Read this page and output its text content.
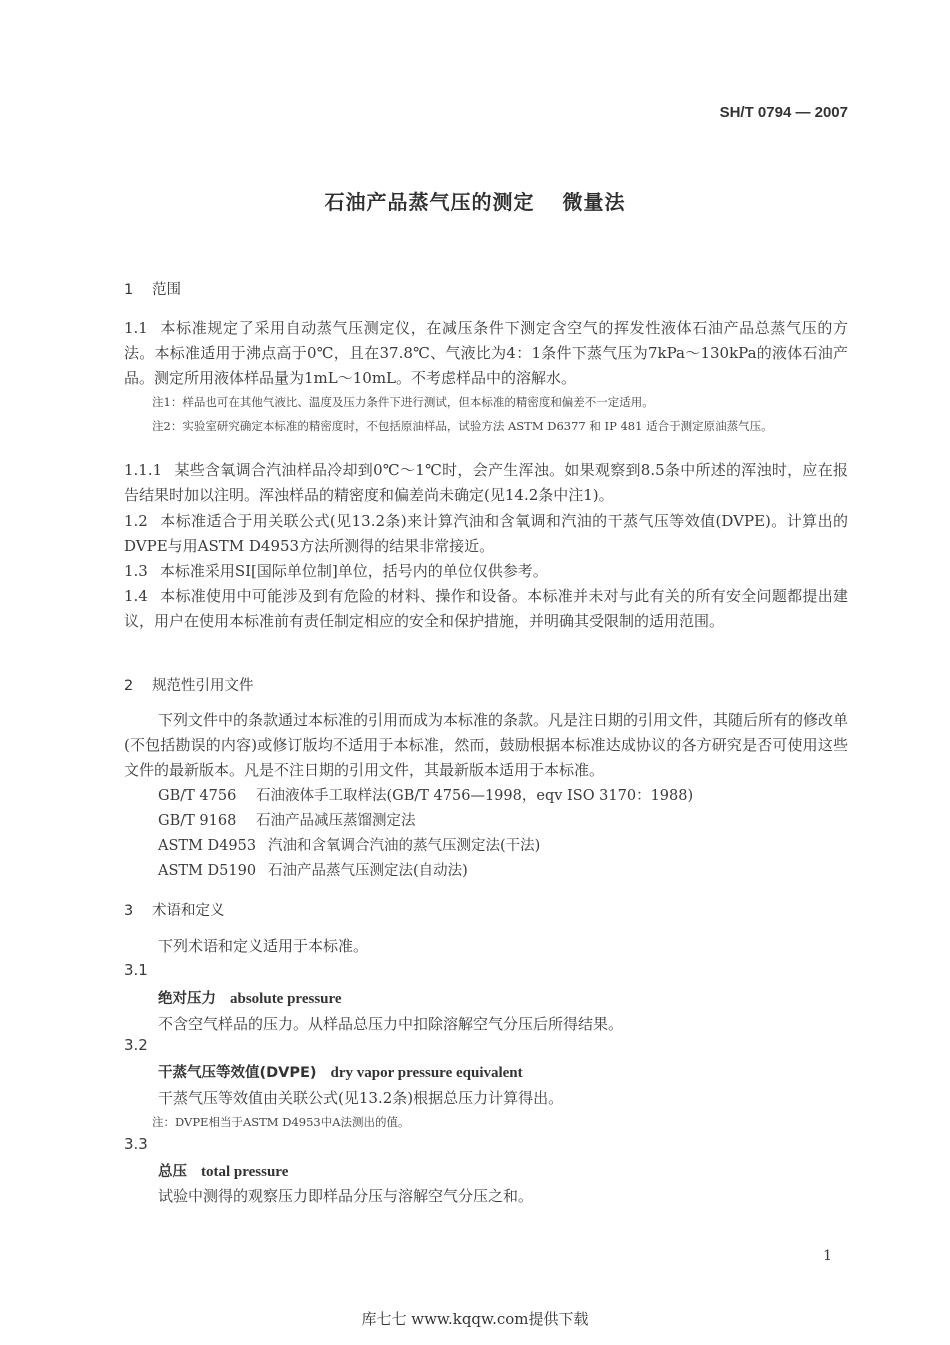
SH/T 0794 — 2007
石油产品蒸气压的测定 微量法
1 范围
1.1 本标准规定了采用自动蒸气压测定仪，在减压条件下测定含空气的挥发性液体石油产品总蒸气压的方法。本标准适用于沸点高于0℃，且在37.8℃、气液比为4：1条件下蒸气压为7kPa～130kPa的液体石油产品。测定所用液体样品量为1mL～10mL。不考虑样品中的溶解水。
注1：样品也可在其他气液比、温度及压力条件下进行测试，但本标准的精密度和偏差不一定适用。
注2：实验室研究确定本标准的精密度时，不包括原油样品，试验方法 ASTM D6377 和 IP 481 适合于测定原油蒸气压。
1.1.1 某些含氧调合汽油样品冷却到0℃～1℃时，会产生浑浊。如果观察到8.5条中所述的浑浊时，应在报告结果时加以注明。浑浊样品的精密度和偏差尚未确定(见14.2条中注1)。
1.2 本标准适合于用关联公式(见13.2条)来计算汽油和含氧调和汽油的干蒸气压等效值(DVPE)。计算出的DVPE与用ASTM D4953方法所测得的结果非常接近。
1.3 本标准采用SI[国际单位制]单位，括号内的单位仅供参考。
1.4 本标准使用中可能涉及到有危险的材料、操作和设备。本标准并未对与此有关的所有安全问题都提出建议，用户在使用本标准前有责任制定相应的安全和保护措施，并明确其受限制的适用范围。
2 规范性引用文件
下列文件中的条款通过本标准的引用而成为本标准的条款。凡是注日期的引用文件，其随后所有的修改单(不包括勘误的内容)或修订版均不适用于本标准，然而，鼓励根据本标准达成协议的各方研究是否可使用这些文件的最新版本。凡是不注日期的引用文件，其最新版本适用于本标准。
GB/T 4756 石油液体手工取样法(GB/T 4756—1998，eqv ISO 3170：1988)
GB/T 9168 石油产品减压蒸馏测定法
ASTM D4953 汽油和含氧调合汽油的蒸气压测定法(干法)
ASTM D5190 石油产品蒸气压测定法(自动法)
3 术语和定义
下列术语和定义适用于本标准。
3.1
绝对压力 absolute pressure
不含空气样品的压力。从样品总压力中扣除溶解空气分压后所得结果。
3.2
干蒸气压等效值(DVPE) dry vapor pressure equivalent
干蒸气压等效值由关联公式(见13.2条)根据总压力计算得出。
注：DVPE相当于ASTM D4953中A法测出的值。
3.3
总压 total pressure
试验中测得的观察压力即样品分压与溶解空气分压之和。
1
库七七 www.kqqw.com提供下载
